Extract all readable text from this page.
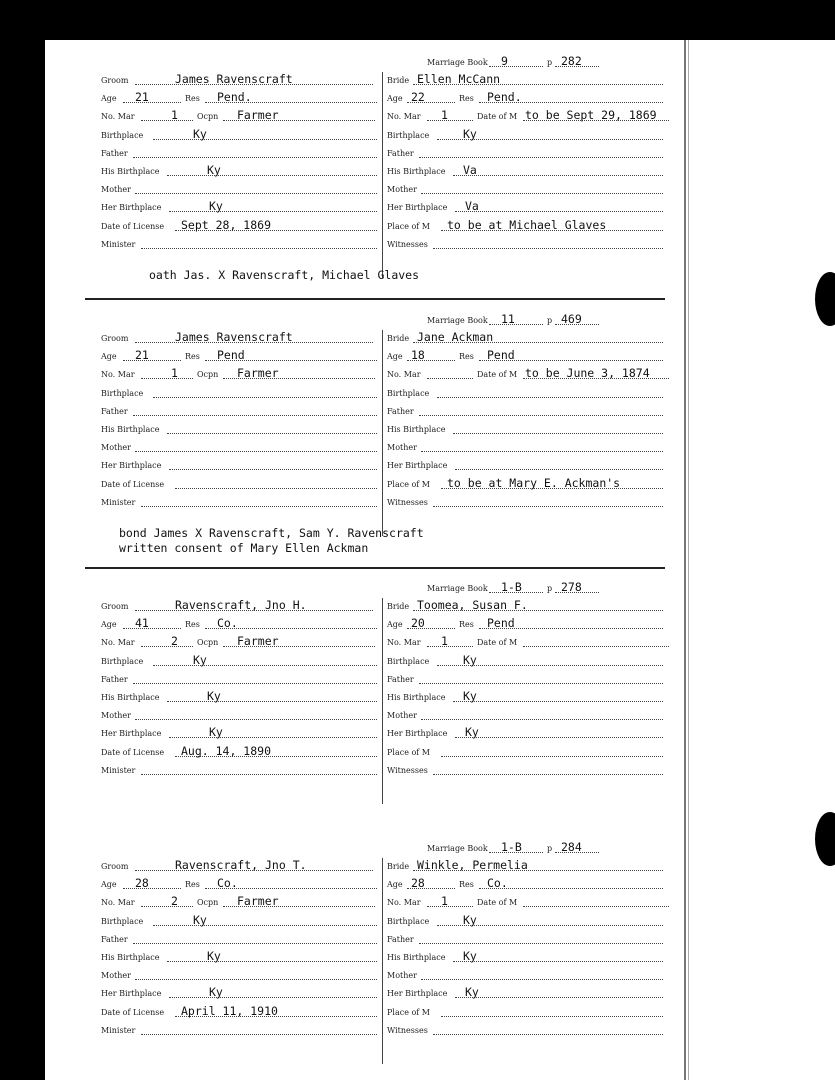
Groom	James Ravenscraft
Age 21	Res Pend.
No. Mar	1 Ocpn Farmer
Birthplace	Ky
Father
His Birthplace	Ky
Mother
Her Birthplace	Ky
Date of License Sept 28, 1869
Minister
Marriage Book 9	p 282
Bride Ellen McCann
Age 22	Res Pend.
No. Mar 1	Date of M to be Sept 29, 1869
Birthplace	Ky
Father
His Birthplace Va
Mother
Her Birthplace Va
Place of M to be at Michael Glaves
Witnesses
oath Jas. X Ravenscraft, Michael Glaves
Groom	James Ravenscraft
Age 21	Res Pend
No. Mar	1 Ocpn Farmer
Birthplace
Father
His Birthplace
Mother
Her Birthplace
Date of License
Minister
Marriage Book 11	p 469
Bride Jane Ackman
Age 18	Res Pend
No. Mar	Date of M to be June 3, 1874
Birthplace
Father
His Birthplace
Mother
Her Birthplace
Place of M to be at Mary E. Ackman's
Witnesses
bond James X Ravenscraft, Sam Y. Ravenscraft
written consent of Mary Ellen Ackman
Groom	Ravenscraft, Jno H.
Age 41	Res Co.
No. Mar	2 Ocpn Farmer
Birthplace	Ky
Father
His Birthplace	Ky
Mother
Her Birthplace	Ky
Date of License Aug. 14, 1890
Minister
Marriage Book 1-B	p 278
Bride Toomea, Susan F.
Age 20	Res Pend
No. Mar 1	Date of M
Birthplace	Ky
Father
His Birthplace Ky
Mother
Her Birthplace Ky
Place of M
Witnesses
Groom	Ravenscraft, Jno T.
Age 28	Res Co.
No. Mar	2 Ocpn Farmer
Birthplace	Ky
Father
His Birthplace	Ky
Mother
Her Birthplace	Ky
Date of License April 11, 1910
Minister
Marriage Book 1-B	p 284
Bride Winkle, Permelia
Age 28	Res Co.
No. Mar 1	Date of M
Birthplace	Ky
Father
His Birthplace Ky
Mother
Her Birthplace Ky
Place of M
Witnesses
